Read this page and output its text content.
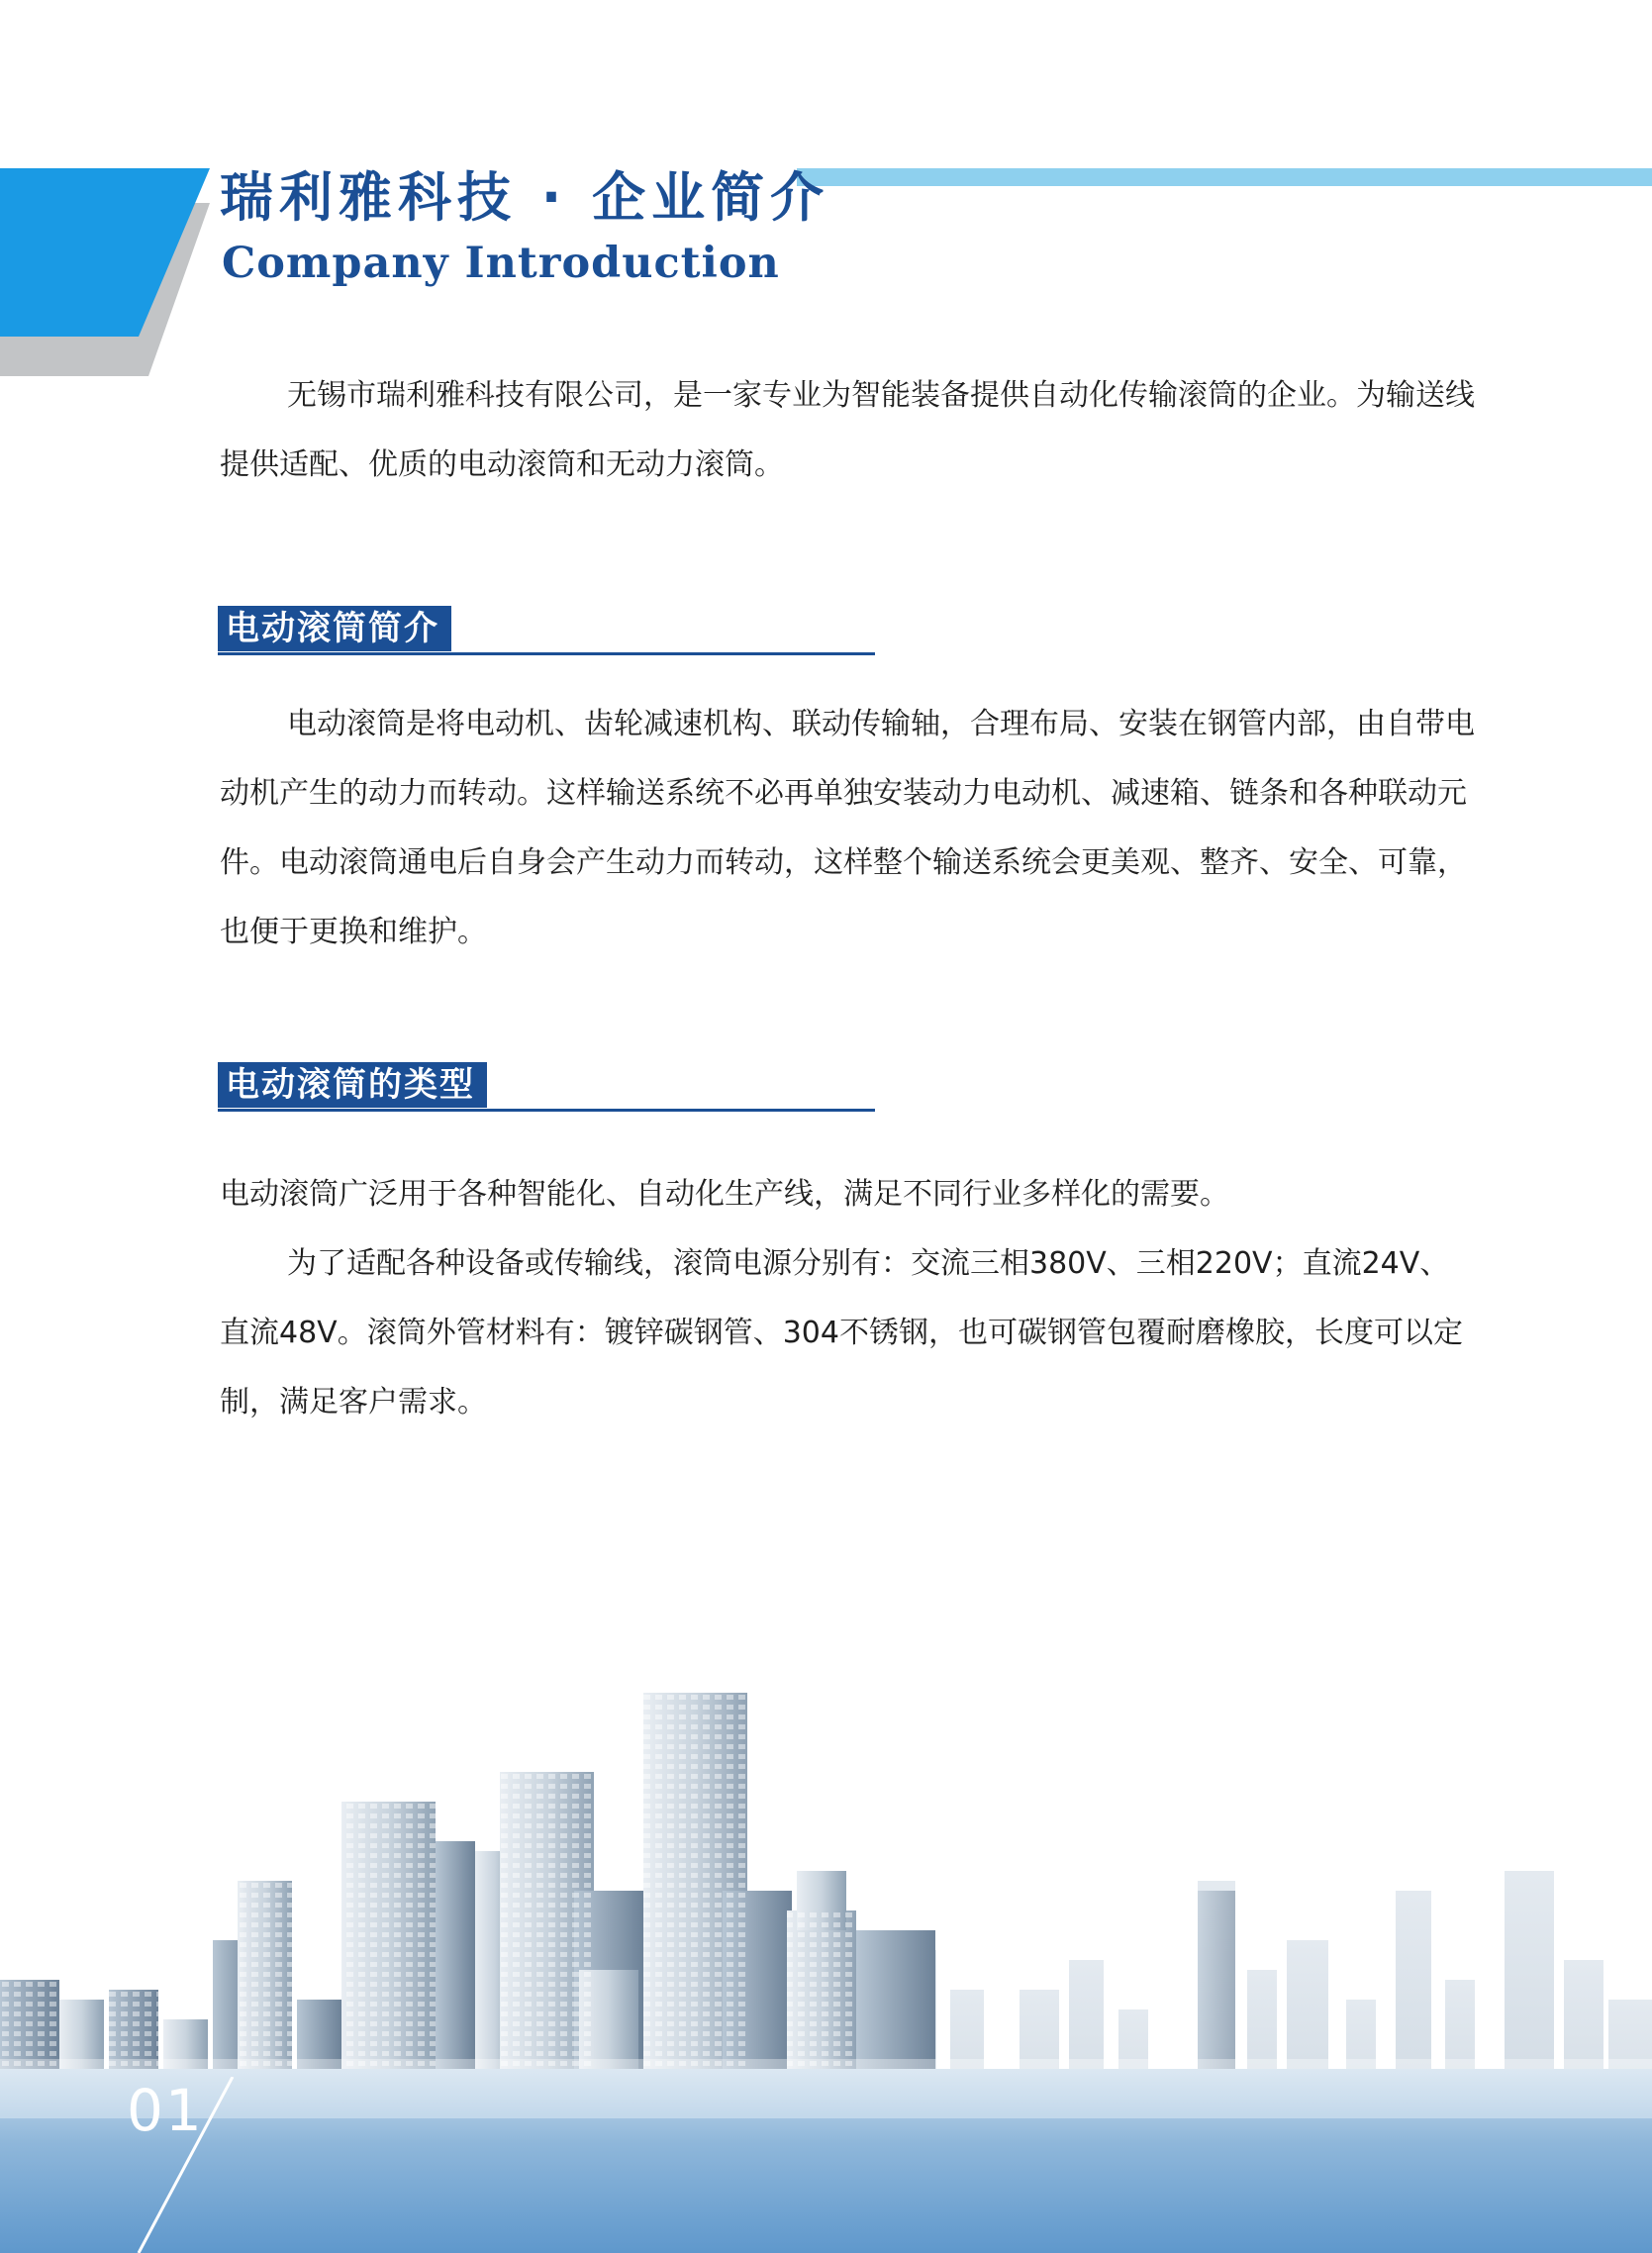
瑞利雅科技 · 企业简介
Company Introduction

无锡市瑞利雅科技有限公司，是一家专业为智能装备提供自动化传输滚筒的企业。为输送线提供适配、优质的电动滚筒和无动力滚筒。

电动滚筒简介

电动滚筒是将电动机、齿轮减速机构、联动传输轴，合理布局、安装在钢管内部，由自带电动机产生的动力而转动。这样输送系统不必再单独安装动力电动机、减速箱、链条和各种联动元件。电动滚筒通电后自身会产生动力而转动，这样整个输送系统会更美观、整齐、安全、可靠，也便于更换和维护。

电动滚筒的类型

电动滚筒广泛用于各种智能化、自动化生产线，满足不同行业多样化的需要。

为了适配各种设备或传输线，滚筒电源分别有：交流三相380V、三相220V；直流24V、直流48V。滚筒外管材料有：镀锌碳钢管、304不锈钢，也可碳钢管包覆耐磨橡胶，长度可以定制，满足客户需求。

01
